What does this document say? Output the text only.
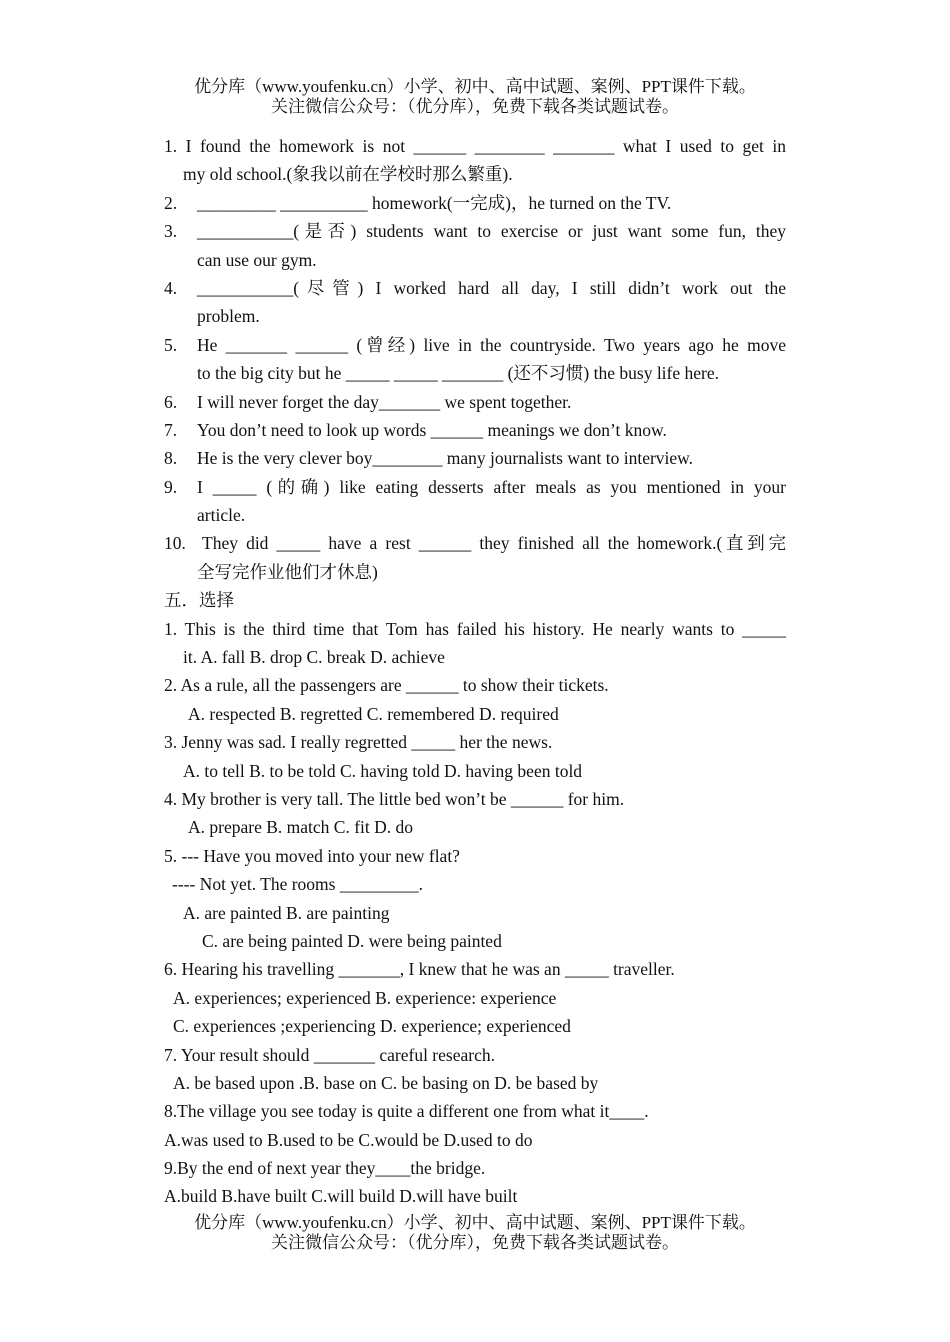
优分库（www.youfenku.cn）小学、初中、高中试题、案例、PPT课件下载。
关注微信公众号：（优分库），免费下载各类试题试卷。
1. I found the homework is not ______ ________ _______ what I used to get in
my old school.(象我以前在学校时那么繁重).
2. _________ __________ homework(一完成)，he turned on the TV.
3.	___________(是否) students want to exercise or just want some fun, they
can use our gym.
4.	___________(尽管) I worked hard all day, I still didn’t work out the
problem.
5.	He _______ ______ (曾经) live in the countryside. Two years ago he move
to the big city but he _____ _____ _______ (还不习惯) the busy life here.
6. I will never forget the day_______ we spent together.
7. You don’t need to look up words ______ meanings we don’t know.
8. He is the very clever boy________ many journalists want to interview.
9.	I _____ (的确) like eating desserts after meals as you mentioned in your
article.
10. They did _____ have a rest ______ they finished all the homework.(直到完
全写完作业他们才休息)
五．选择
1. This is the third time that Tom has failed his history. He nearly wants to _____
it. A. fall B. drop C. break D. achieve
2. As a rule, all the passengers are ______ to show their tickets.
A. respected B. regretted C. remembered D. required
3. Jenny was sad. I really regretted _____ her the news.
A. to tell B. to be told C. having told D. having been told
4. My brother is very tall. The little bed won’t be ______ for him.
A. prepare B. match C. fit D. do
5. --- Have you moved into your new flat?
---- Not yet. The rooms _________.
A. are painted B. are painting
C. are being painted D. were being painted
6. Hearing his travelling _______, I knew that he was an _____ traveller.
A. experiences; experienced B. experience: experience
C. experiences ;experiencing D. experience; experienced
7. Your result should _______ careful research.
A. be based upon .B. base on C. be basing on D. be based by
8.The village you see today is quite a different one from what it____.
A.was used to B.used to be C.would be D.used to do
9.By the end of next year they____the bridge.
A.build B.have built C.will build D.will have built
优分库（www.youfenku.cn）小学、初中、高中试题、案例、PPT课件下载。
关注微信公众号：（优分库），免费下载各类试题试卷。
